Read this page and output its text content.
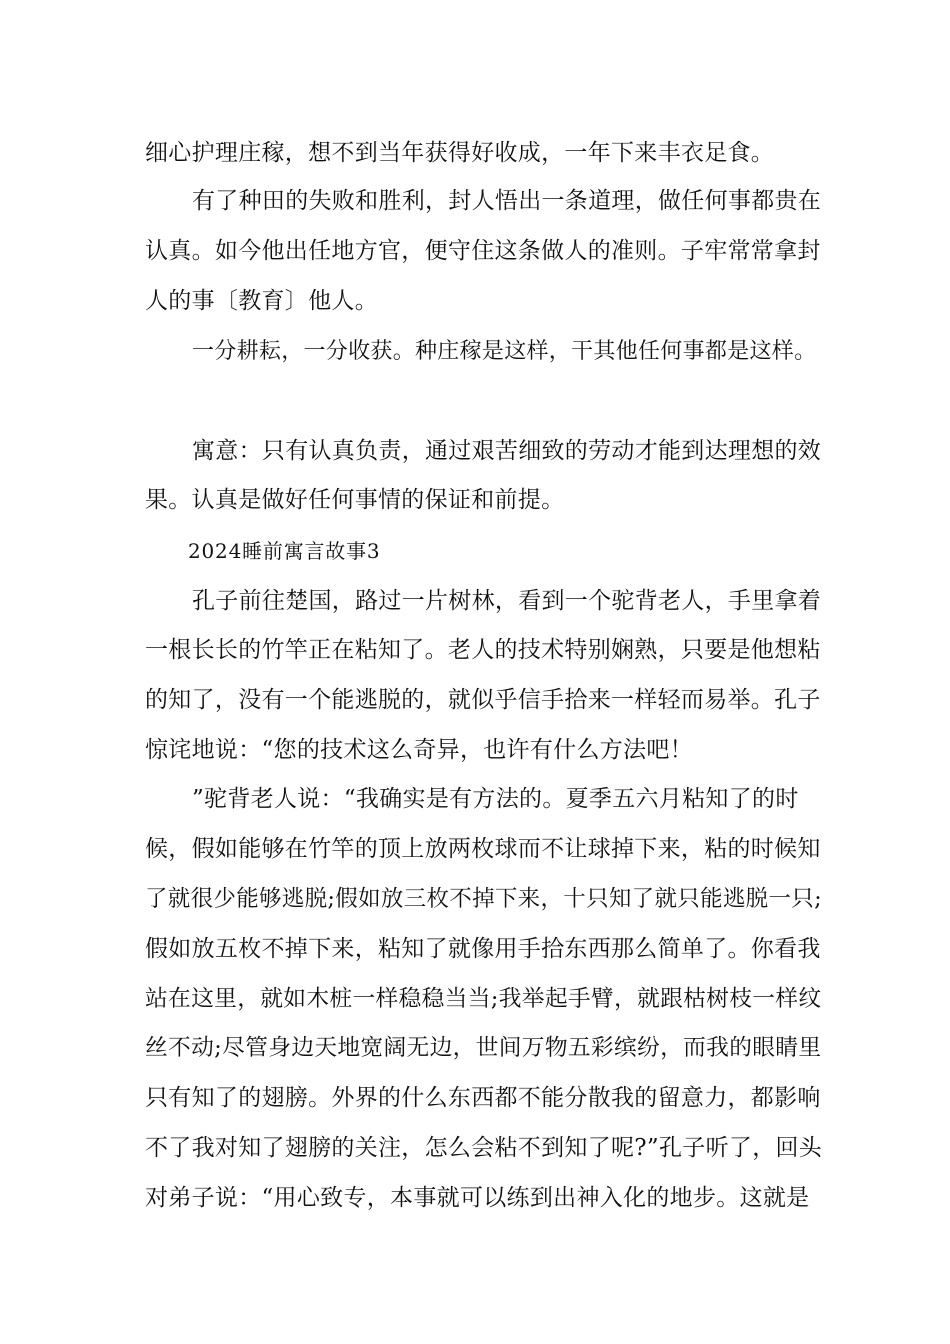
细心护理庄稼，想不到当年获得好收成，一年下来丰衣足食。
有了种田的失败和胜利，封人悟出一条道理，做任何事都贵在
认真。如今他出任地方官，便守住这条做人的准则。子牢常常拿封
人的事〔教育〕他人。
一分耕耘，一分收获。种庄稼是这样，干其他任何事都是这样。
寓意：只有认真负责，通过艰苦细致的劳动才能到达理想的效
果。认真是做好任何事情的保证和前提。
2024睡前寓言故事3
孔子前往楚国，路过一片树林，看到一个驼背老人，手里拿着
一根长长的竹竿正在粘知了。老人的技术特别娴熟，只要是他想粘
的知了，没有一个能逃脱的，就似乎信手拾来一样轻而易举。孔子
惊诧地说：“您的技术这么奇异，也许有什么方法吧！
”驼背老人说：“我确实是有方法的。夏季五六月粘知了的时
候，假如能够在竹竿的顶上放两枚球而不让球掉下来，粘的时候知
了就很少能够逃脱;假如放三枚不掉下来，十只知了就只能逃脱一只;
假如放五枚不掉下来，粘知了就像用手拾东西那么简单了。你看我
站在这里，就如木桩一样稳稳当当;我举起手臂，就跟枯树枝一样纹
丝不动;尽管身边天地宽阔无边，世间万物五彩缤纷，而我的眼睛里
只有知了的翅膀。外界的什么东西都不能分散我的留意力，都影响
不了我对知了翅膀的关注，怎么会粘不到知了呢?”孔子听了，回头
对弟子说：“用心致专，本事就可以练到出神入化的地步。这就是
